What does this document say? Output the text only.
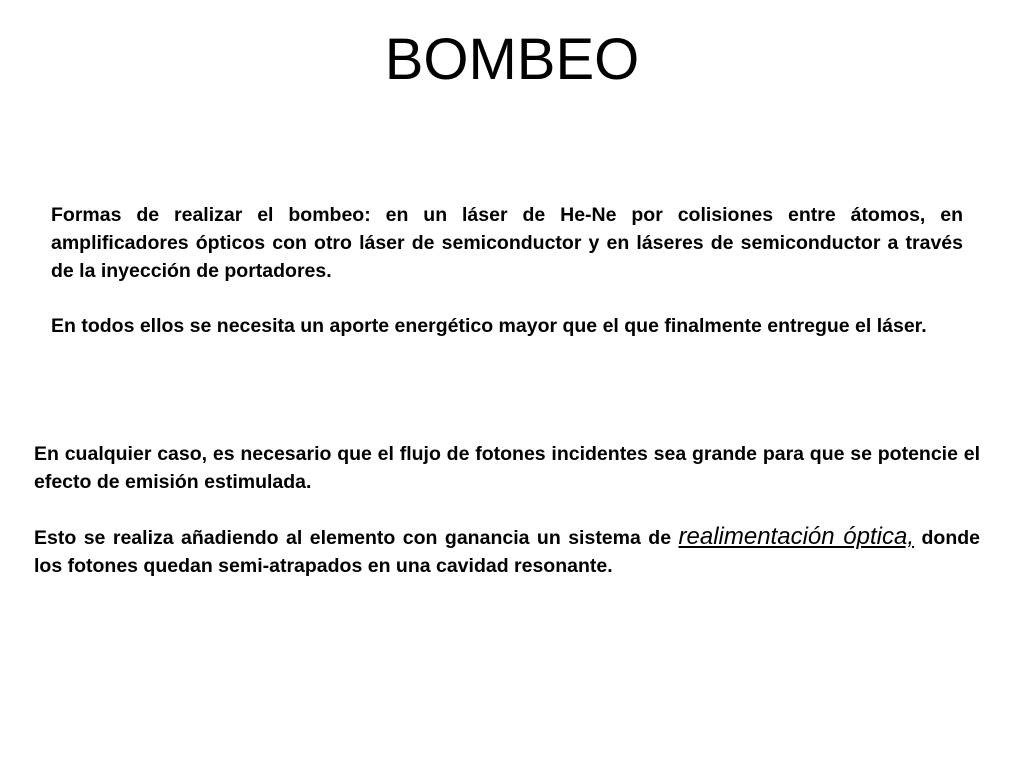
BOMBEO

Formas de realizar el bombeo: en un láser de He-Ne por colisiones entre átomos, en amplificadores ópticos con otro láser de semiconductor y en láseres de semiconductor a través de la inyección de portadores.

En todos ellos se necesita un aporte energético mayor que el que finalmente entregue el láser.

En cualquier caso, es necesario que el flujo de fotones incidentes sea grande para que se potencie el efecto de emisión estimulada.

Esto se realiza añadiendo al elemento con ganancia un sistema de realimentación óptica, donde los fotones quedan semi-atrapados en una cavidad resonante.
